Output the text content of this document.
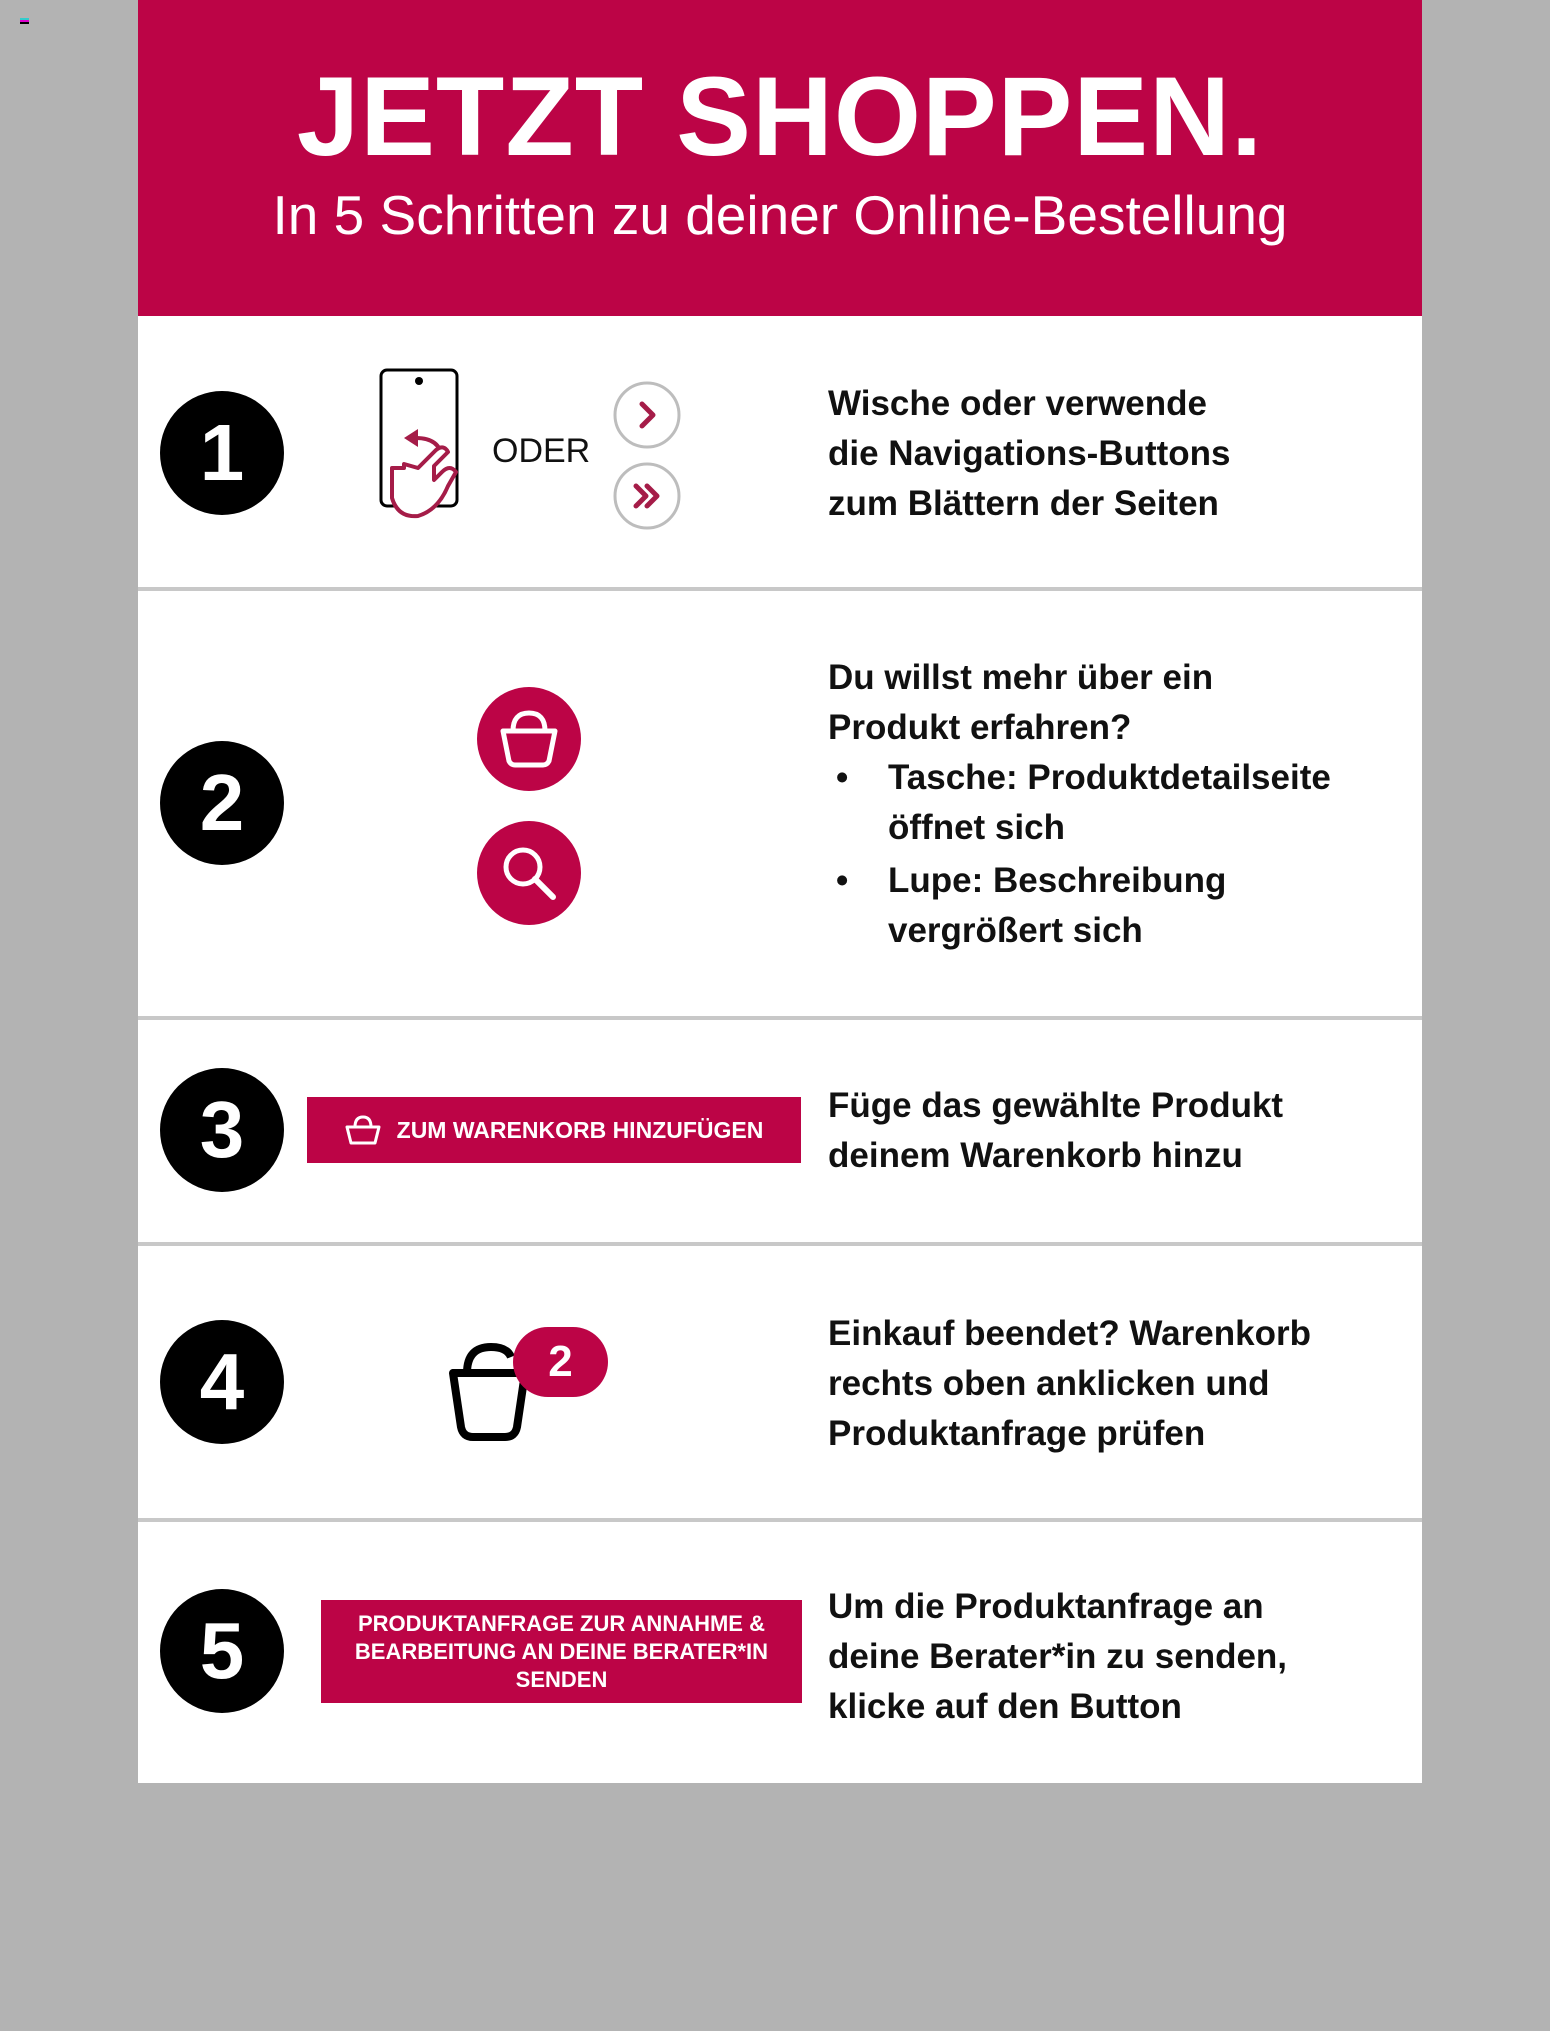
JETZT SHOPPEN.
In 5 Schritten zu deiner Online-Bestellung
1	ODER

Wische oder verwende

die Navigations-Buttons

zum Blättern der Seiten

2

Du willst mehr über ein

Produkt erfahren?

• Tasche: Produktdetailseite

öffnet sich

• Lupe: Beschreibung

vergrößert sich

3	ZUM WARENKORB HINZUFÜGEN

Füge das gewählte Produkt

deinem Warenkorb hinzu

4	2

Einkauf beendet? Warenkorb

rechts oben anklicken und

Produktanfrage prüfen

5	PRODUKTANFRAGE ZUR ANNAHME &
BEARBEITUNG AN DEINE BERATER*IN
SENDEN

Um die Produktanfrage an

deine Berater*in zu senden,

klicke auf den Button
